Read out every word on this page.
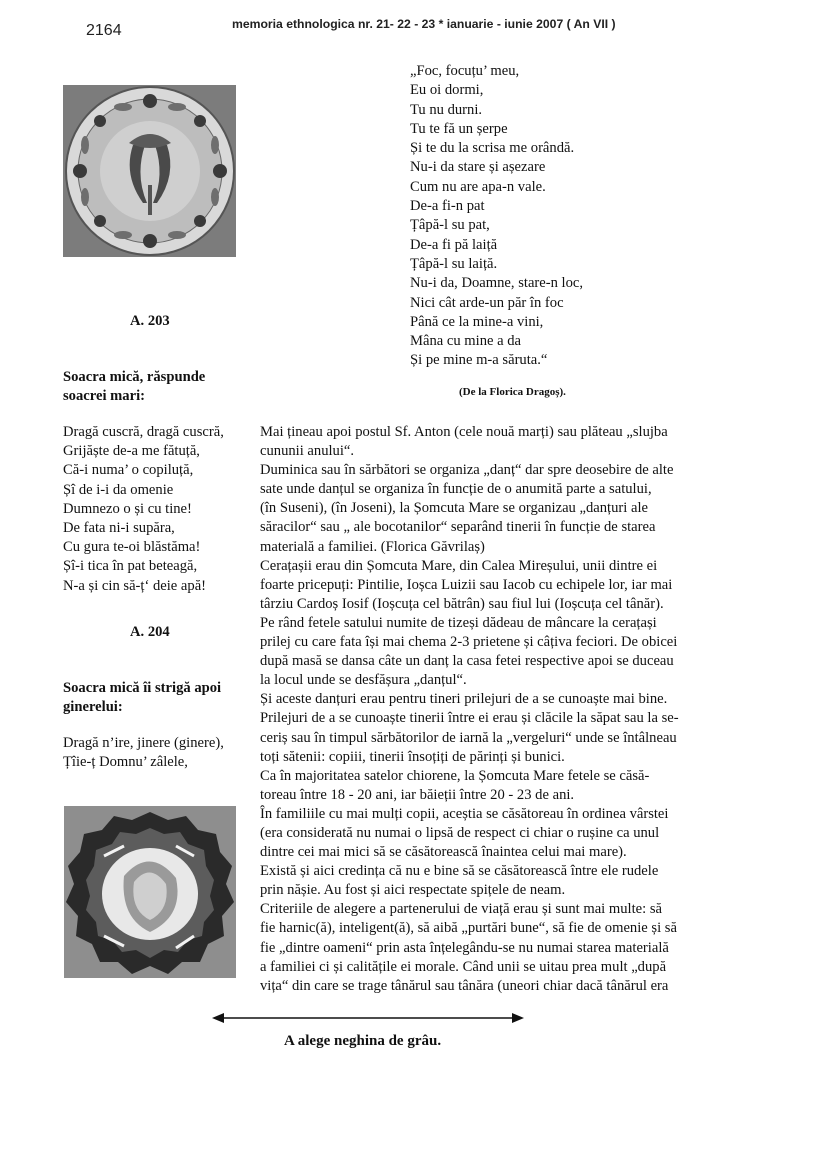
2164	memoria ethnologica nr. 21- 22 - 23 * ianuarie - iunie 2007 ( An VII )
„Foc, focuțu’ meu,
Eu oi dormi,
Tu nu durni.
Tu te fă un șerpe
Și te du la scrisa me orândă.
Nu-i da stare și așezare
Cum nu are apa-n vale.
De-a fi-n pat
Țâpă-l su pat,
De-a fi pă laiță
Țâpă-l su laiță.
Nu-i da, Doamne, stare-n loc,
Nici cât arde-un păr în foc
Până ce la mine-a vini,
Mâna cu mine a da
Și pe mine m-a săruta.“
(De la Florica Dragoș).
A. 203
A. 204
Soacra mică, răspunde soacrei mari:
Dragă cuscră, dragă cuscră,
Grijăște de-a me fătuță,
Că-i numa’ o copiluță,
Șî de i-i da omenie
Dumnezo o și cu tine!
De fata ni-i supăra,
Cu gura te-oi blăstăma!
Șî-i tica în pat beteagă,
N-a și cin să-ț‘ deie apă!
Soacra mică îi strigă apoi ginerelui:
Dragă n’ire, jinere (ginere),
Țîie-ț Domnu’ zâlele,
Mai țineau apoi postul Sf. Anton (cele nouă marți) sau plăteau „slujba
cununii anului“.
Duminica sau în sărbători se organiza „danț“ dar spre deosebire de alte
sate unde danțul se organiza în funcție de o anumită parte a satului,
(în Suseni), (în Joseni), la Șomcuta Mare se organizau „danțuri ale
săracilor“ sau „ ale bocotanilor“ separând tinerii în funcție de starea
materială a familiei. (Florica Găvrilaș)
Cerațașii erau din Șomcuta Mare, din Calea Mireșului, unii dintre ei
foarte pricepuți: Pintilie, Ioșca Luizii sau Iacob cu echipele lor, iar mai
târziu Cardoș Iosif (Ioșcuța cel bătrân) sau fiul lui (Ioșcuța cel tânăr).
Pe rând fetele satului numite de tizeși dădeau de mâncare la cerațași
prilej cu care fata își mai chema 2-3 prietene și câțiva feciori. De obicei
după masă se dansa câte un danț la casa fetei respective apoi se duceau
la locul unde se desfășura „danțul“.
Și aceste danțuri erau pentru tineri prilejuri de a se cunoaște mai bine.
Prilejuri de a se cunoaște tinerii între ei erau și clăcile la săpat sau la se-
ceriș sau în timpul sărbătorilor de iarnă la „vergeluri“ unde se întâlneau
toți sătenii: copiii, tinerii însoțiți de părinți și bunici.
Ca în majoritatea satelor chiorene, la Șomcuta Mare fetele se căsă-
toreau între 18 - 20 ani, iar băieții între 20 - 23 de ani.
În familiile cu mai mulți copii, aceștia se căsătoreau în ordinea vârstei
(era considerată nu numai o lipsă de respect ci chiar o rușine ca unul
dintre cei mai mici să se căsătorească înaintea celui mai mare).
Există și aici credința că nu e bine să se căsătorească între ele rudele
prin nășie. Au fost și aici respectate spițele de neam.
Criteriile de alegere a partenerului de viață erau și sunt mai multe: să
fie harnic(ă), inteligent(ă), să aibă „purtări bune“, să fie de omenie și să
fie „dintre oameni“ prin asta înțelegându-se nu numai starea materială
a familiei ci și calitățile ei morale. Când unii se uitau prea mult „după
vița“ din care se trage tânărul sau tânăra (uneori chiar dacă tânărul era
A alege neghina de grâu.
